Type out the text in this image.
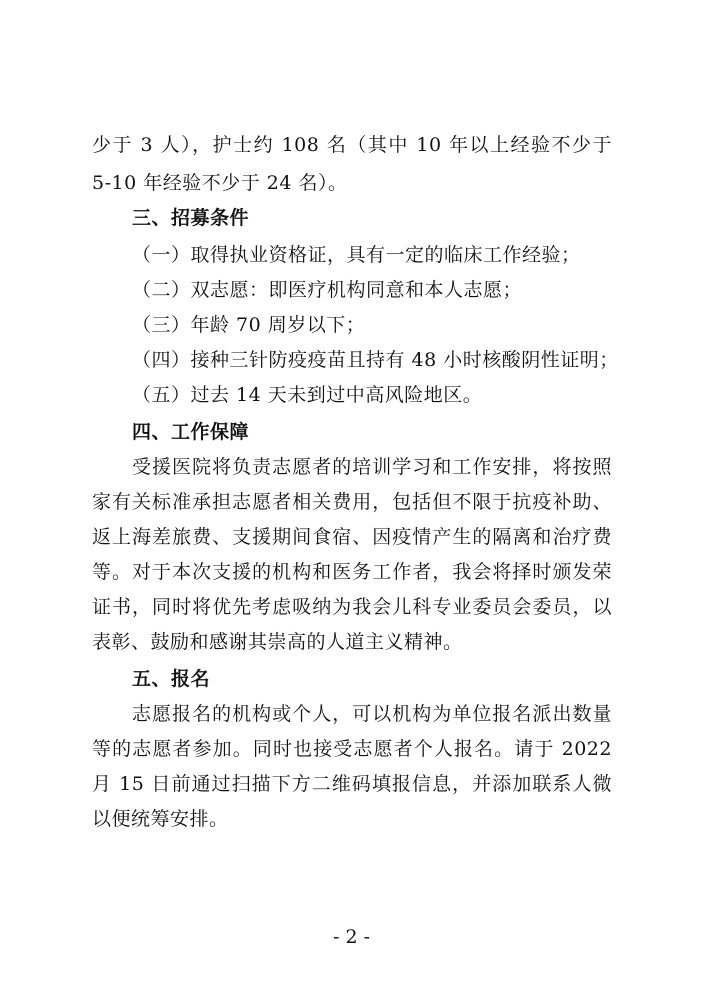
少于 3 人），护士约 108 名（其中 10 年以上经验不少于
5-10 年经验不少于 24 名）。
三、招募条件
（一）取得执业资格证，具有一定的临床工作经验；
（二）双志愿：即医疗机构同意和本人志愿；
（三）年龄 70 周岁以下；
（四）接种三针防疫疫苗且持有 48 小时核酸阴性证明；
（五）过去 14 天未到过中高风险地区。
四、工作保障
受援医院将负责志愿者的培训学习和工作安排，将按照
家有关标准承担志愿者相关费用，包括但不限于抗疫补助、
返上海差旅费、支援期间食宿、因疫情产生的隔离和治疗费
等。对于本次支援的机构和医务工作者，我会将择时颁发荣
证书，同时将优先考虑吸纳为我会儿科专业委员会委员，以
表彰、鼓励和感谢其崇高的人道主义精神。
五、报名
志愿报名的机构或个人，可以机构为单位报名派出数量
等的志愿者参加。同时也接受志愿者个人报名。请于 2022
月 15 日前通过扫描下方二维码填报信息，并添加联系人微
以便统筹安排。
- 2 -
